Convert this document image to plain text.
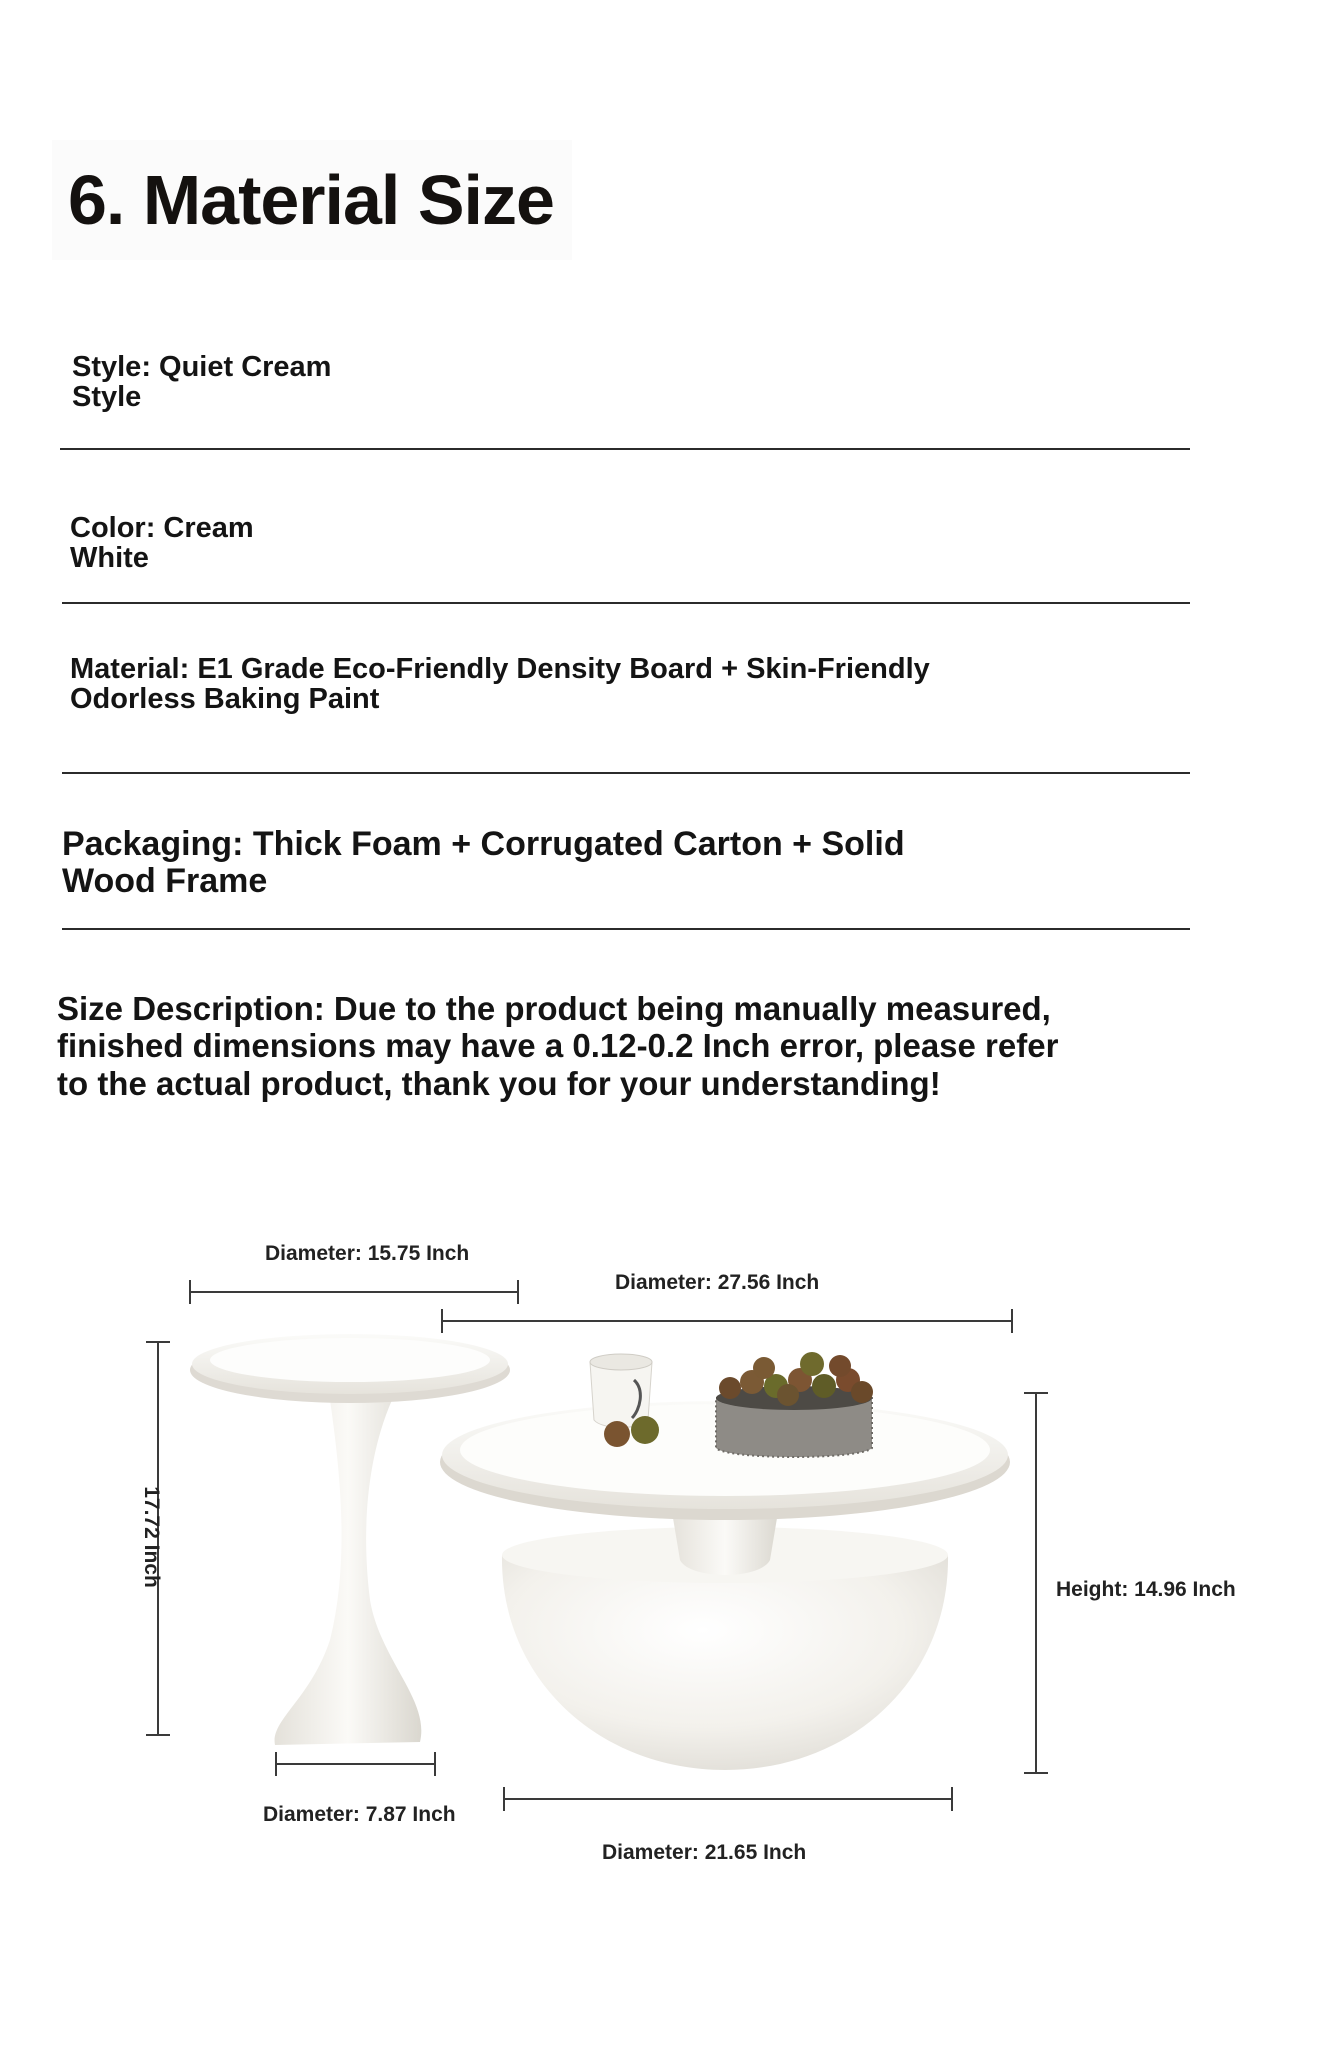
6. Material Size
Style: Quiet Cream Style
Color: Cream White
Material: E1 Grade Eco-Friendly Density Board + Skin-Friendly Odorless Baking Paint
Packaging: Thick Foam + Corrugated Carton + Solid Wood Frame
Size Description: Due to the product being manually measured, finished dimensions may have a 0.12-0.2 Inch error, please refer to the actual product, thank you for your understanding!
Diameter: 15.75 Inch
Diameter: 27.56 Inch
17.72 Inch
Height: 14.96 Inch
Diameter: 7.87 Inch
Diameter: 21.65 Inch
